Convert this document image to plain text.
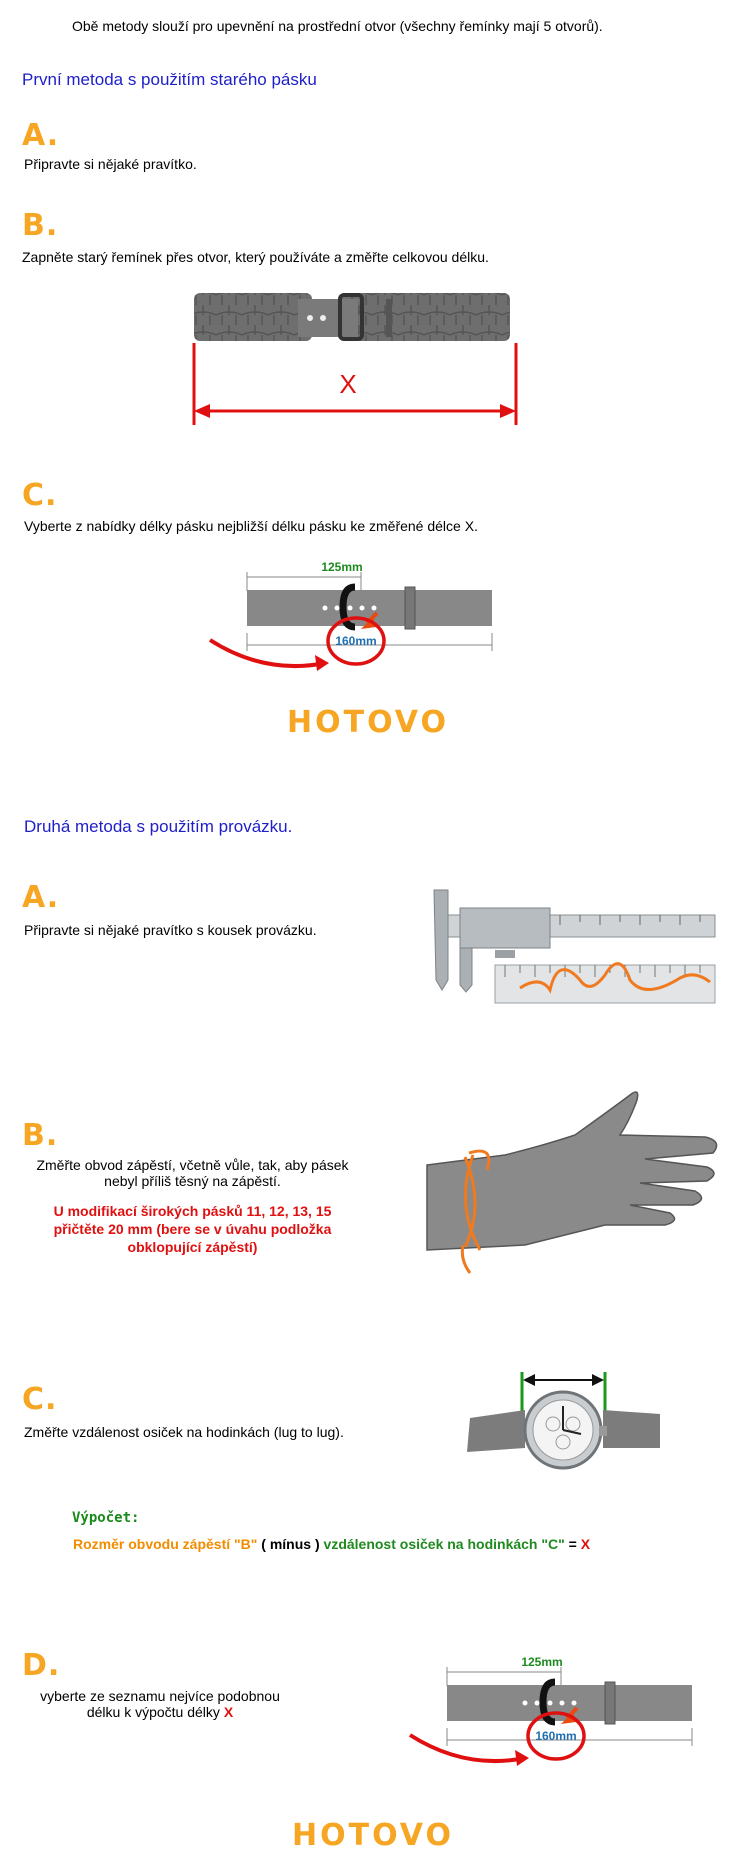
Obě metody slouží pro upevnění na prostřední otvor (všechny řemínky mají 5 otvorů).
První metoda s použitím starého pásku
A.
Připravte si nějaké pravítko.
B.
Zapněte starý řemínek přes otvor, který používáte a změřte celkovou délku.
X
C.
Vyberte z nabídky délky pásku nejbližší délku pásku ke změřené délce X.
125mm
160mm
HOTOVO
Druhá metoda s použitím provázku.
A.
Připravte si nějaké pravítko s kousek provázku.
B.
Změřte obvod zápěstí, včetně vůle, tak, aby pásek
nebyl příliš těsný na zápěstí.
U modifikací širokých pásků 11, 12, 13, 15
přičtěte 20 mm (bere se v úvahu podložka
obklopující zápěstí)
C.
Změřte vzdálenost osiček na hodinkách (lug to lug).
Výpočet:
Rozměr obvodu zápěstí "B" ( mínus ) vzdálenost osiček na hodinkách "C" = X
D.
vyberte ze seznamu nejvíce podobnou
délku k výpočtu délky X
125mm
160mm
HOTOVO
